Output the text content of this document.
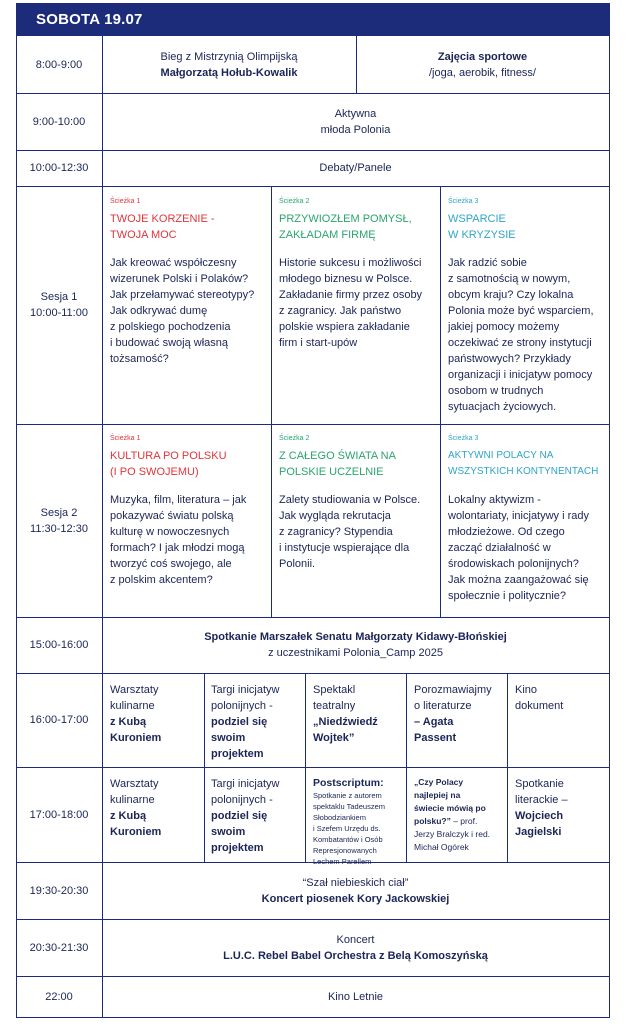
SOBOTA 19.07
8:00-9:00
Bieg z Mistrzynią Olimpijską
Małgorzatą Hołub-Kowalik
Zajęcia sportowe
/joga, aerobik, fitness/
9:00-10:00
Aktywna
młoda Polonia
10:00-12:30	Debaty/Panele
Sesja 1
10:00-11:00
Ścieżka 1
TWOJE KORZENIE -
TWOJA MOC
Jak kreować współczesny
wizerunek Polski i Polaków?
Jak przełamywać stereotypy?
Jak odkrywać dumę
z polskiego pochodzenia
i budować swoją własną
tożsamość?
Ścieżka 2
PRZYWIOZŁEM POMYSŁ,
ZAKŁADAM FIRMĘ
Historie sukcesu i możliwości
młodego biznesu w Polsce.
Zakładanie firmy przez osoby
z zagranicy. Jak państwo
polskie wspiera zakładanie
firm i start-upów
Ścieżka 3
WSPARCIE
W KRYZYSIE
Jak radzić sobie
z samotnością w nowym,
obcym kraju? Czy lokalna
Polonia może być wsparciem,
jakiej pomocy możemy
oczekiwać ze strony instytucji
państwowych? Przykłady
organizacji i inicjatyw pomocy
osobom w trudnych
sytuacjach życiowych.
Sesja 2
11:30-12:30
Ścieżka 1
KULTURA PO POLSKU
(I PO SWOJEMU)
Muzyka, film, literatura – jak
pokazywać światu polską
kulturę w nowoczesnych
formach? I jak młodzi mogą
tworzyć coś swojego, ale
z polskim akcentem?
Ścieżka 2
Z CAŁEGO ŚWIATA NA
POLSKIE UCZELNIE
Zalety studiowania w Polsce.
Jak wygląda rekrutacja
z zagranicy? Stypendia
i instytucje wspierające dla
Polonii.
Ścieżka 3
AKTYWNI POLACY NA
WSZYSTKICH KONTYNENTACH
Lokalny aktywizm -
wolontariaty, inicjatywy i rady
młodzieżowe. Od czego
zacząć działalność w
środowiskach polonijnych?
Jak można zaangażować się
społecznie i politycznie?
15:00-16:00
Spotkanie Marszałek Senatu Małgorzaty Kidawy-Błońskiej
z uczestnikami Polonia_Camp 2025
16:00-17:00
Warsztaty
kulinarne
z Kubą
Kuroniem
Targi inicjatyw
polonijnych -
podziel się
swoim
projektem
Spektakl
teatralny
„Niedźwiedź
Wojtek”
Porozmawiajmy
o literaturze
– Agata
Passent
Kino
dokument
17:00-18:00
Warsztaty
kulinarne
z Kubą
Kuroniem
Targi inicjatyw
polonijnych -
podziel się
swoim
projektem
Postscriptum:
Spotkanie z autorem
spektaklu Tadeuszem
Słobodziankiem
i Szefem Urzędu ds.
Kombatantów i Osób
Represjonowanych
Lechem Parellem
„Czy Polacy
najlepiej na
świecie mówią po
polsku?” – prof.
Jerzy Bralczyk i red.
Michał Ogórek
Spotkanie
literackie –
Wojciech
Jagielski
19:30-20:30
“Szał niebieskich ciał”
Koncert piosenek Kory Jackowskiej
20:30-21:30
Koncert
L.U.C. Rebel Babel Orchestra z Belą Komoszyńską
22:00	Kino Letnie
